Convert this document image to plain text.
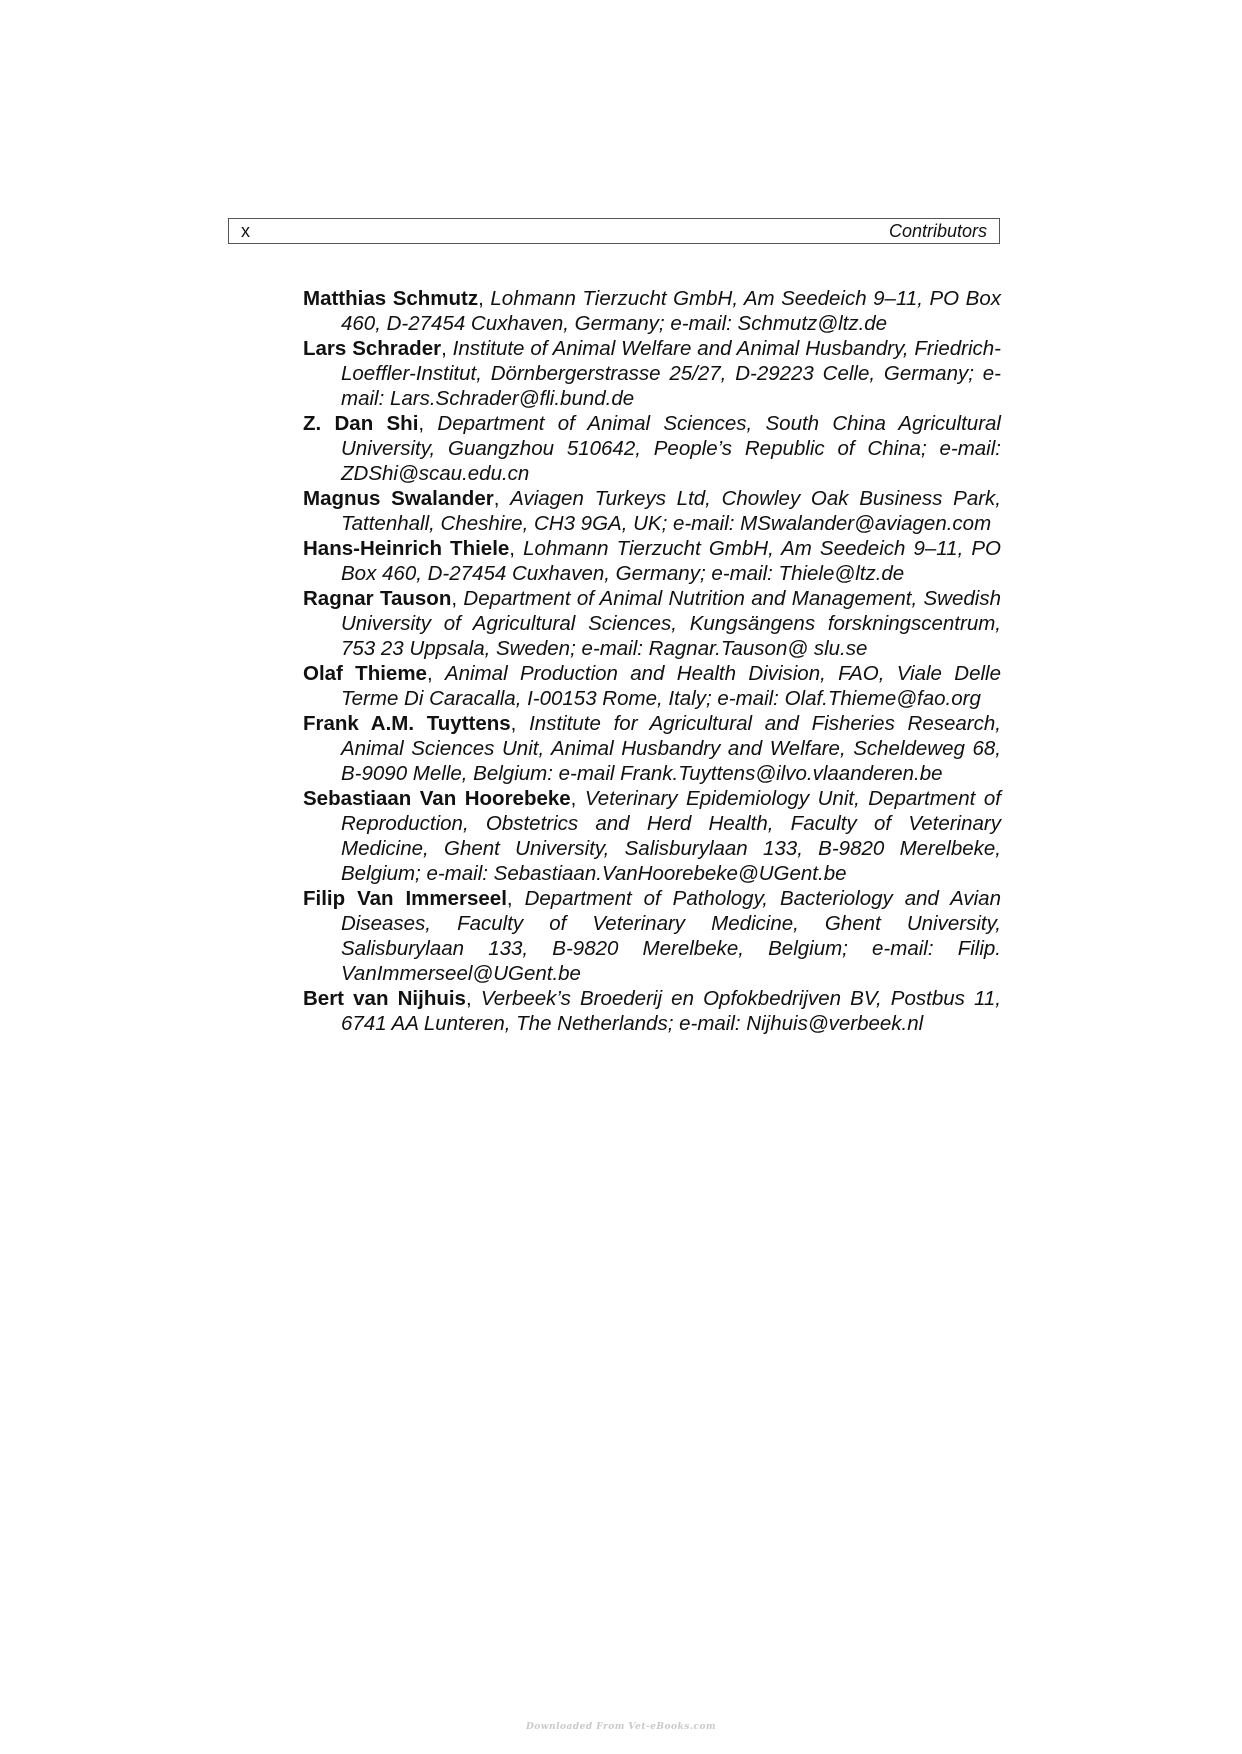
x	Contributors

Matthias Schmutz, Lohmann Tierzucht GmbH, Am Seedeich 9–11, PO Box 460, D-27454 Cuxhaven, Germany; e-mail: Schmutz@ltz.de

Lars Schrader, Institute of Animal Welfare and Animal Husbandry, Friedrich-Loeffler-Institut, Dörnbergerstrasse 25/27, D-29223 Celle, Germany; e-mail: Lars.Schrader@fli.bund.de

Z. Dan Shi, Department of Animal Sciences, South China Agricultural University, Guangzhou 510642, People’s Republic of China; e-mail: ZDShi@scau.edu.cn

Magnus Swalander, Aviagen Turkeys Ltd, Chowley Oak Business Park, Tattenhall, Cheshire, CH3 9GA, UK; e-mail: MSwalander@aviagen.com

Hans-Heinrich Thiele, Lohmann Tierzucht GmbH, Am Seedeich 9–11, PO Box 460, D-27454 Cuxhaven, Germany; e-mail: Thiele@ltz.de

Ragnar Tauson, Department of Animal Nutrition and Management, Swedish University of Agricultural Sciences, Kungsängens forskningscentrum, 753 23 Uppsala, Sweden; e-mail: Ragnar.Tauson@ slu.se

Olaf Thieme, Animal Production and Health Division, FAO, Viale Delle Terme Di Caracalla, I-00153 Rome, Italy; e-mail: Olaf.Thieme@fao.org

Frank A.M. Tuyttens, Institute for Agricultural and Fisheries Research, Animal Sciences Unit, Animal Husbandry and Welfare, Scheldeweg 68, B-9090 Melle, Belgium: e-mail Frank.Tuyttens@ilvo.vlaanderen.be

Sebastiaan Van Hoorebeke, Veterinary Epidemiology Unit, Department of Reproduction, Obstetrics and Herd Health, Faculty of Veterinary Medicine, Ghent University, Salisburylaan 133, B-9820 Merelbeke, Belgium; e-mail: Sebastiaan.VanHoorebeke@UGent.be

Filip Van Immerseel, Department of Pathology, Bacteriology and Avian Diseases, Faculty of Veterinary Medicine, Ghent University, Salisburylaan 133, B-9820 Merelbeke, Belgium; e-mail: Filip. VanImmerseel@UGent.be

Bert van Nijhuis, Verbeek’s Broederij en Opfokbedrijven BV, Postbus 11, 6741 AA Lunteren, The Netherlands; e-mail: Nijhuis@verbeek.nl

Downloaded From Vet-eBooks.com
